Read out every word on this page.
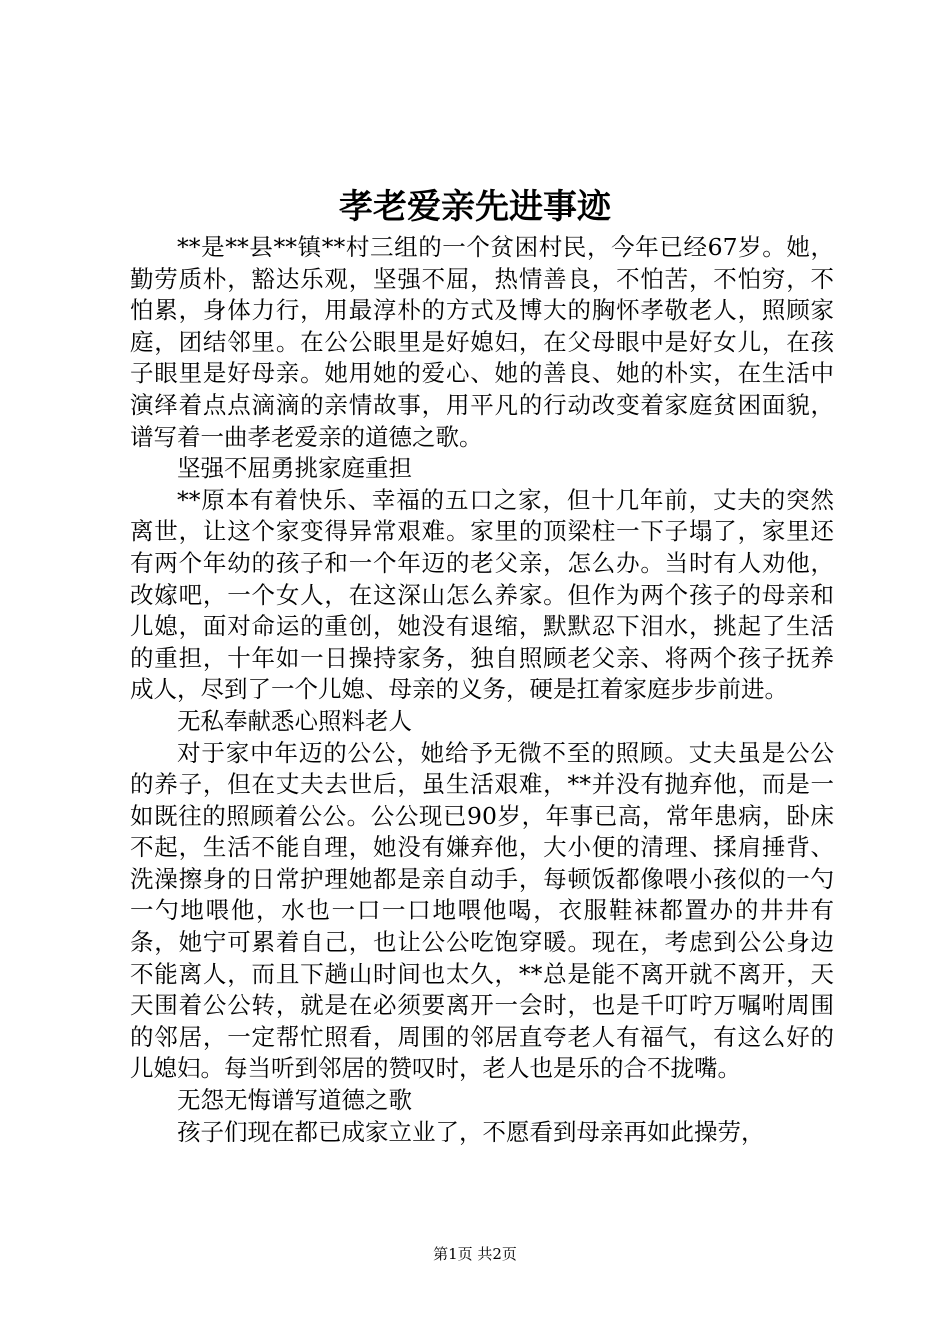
孝老爱亲先进事迹

**是**县**镇**村三组的一个贫困村民，今年已经67岁。她，勤劳质朴，豁达乐观，坚强不屈，热情善良，不怕苦，不怕穷，不怕累，身体力行，用最淳朴的方式及博大的胸怀孝敬老人，照顾家庭，团结邻里。在公公眼里是好媳妇，在父母眼中是好女儿，在孩子眼里是好母亲。她用她的爱心、她的善良、她的朴实，在生活中演绎着点点滴滴的亲情故事，用平凡的行动改变着家庭贫困面貌，谱写着一曲孝老爱亲的道德之歌。

坚强不屈勇挑家庭重担

**原本有着快乐、幸福的五口之家，但十几年前，丈夫的突然离世，让这个家变得异常艰难。家里的顶梁柱一下子塌了，家里还有两个年幼的孩子和一个年迈的老父亲，怎么办。当时有人劝他，改嫁吧，一个女人，在这深山怎么养家。但作为两个孩子的母亲和儿媳，面对命运的重创，她没有退缩，默默忍下泪水，挑起了生活的重担，十年如一日操持家务，独自照顾老父亲、将两个孩子抚养成人，尽到了一个儿媳、母亲的义务，硬是扛着家庭步步前进。

无私奉献悉心照料老人

对于家中年迈的公公，她给予无微不至的照顾。丈夫虽是公公的养子，但在丈夫去世后，虽生活艰难，**并没有抛弃他，而是一如既往的照顾着公公。公公现已90岁，年事已高，常年患病，卧床不起，生活不能自理，她没有嫌弃他，大小便的清理、揉肩捶背、洗澡擦身的日常护理她都是亲自动手，每顿饭都像喂小孩似的一勺一勺地喂他，水也一口一口地喂他喝，衣服鞋袜都置办的井井有条，她宁可累着自己，也让公公吃饱穿暖。现在，考虑到公公身边不能离人，而且下趟山时间也太久，**总是能不离开就不离开，天天围着公公转，就是在必须要离开一会时，也是千叮咛万嘱咐周围的邻居，一定帮忙照看，周围的邻居直夸老人有福气，有这么好的儿媳妇。每当听到邻居的赞叹时，老人也是乐的合不拢嘴。

无怨无悔谱写道德之歌

孩子们现在都已成家立业了，不愿看到母亲再如此操劳，

第1页 共2页
